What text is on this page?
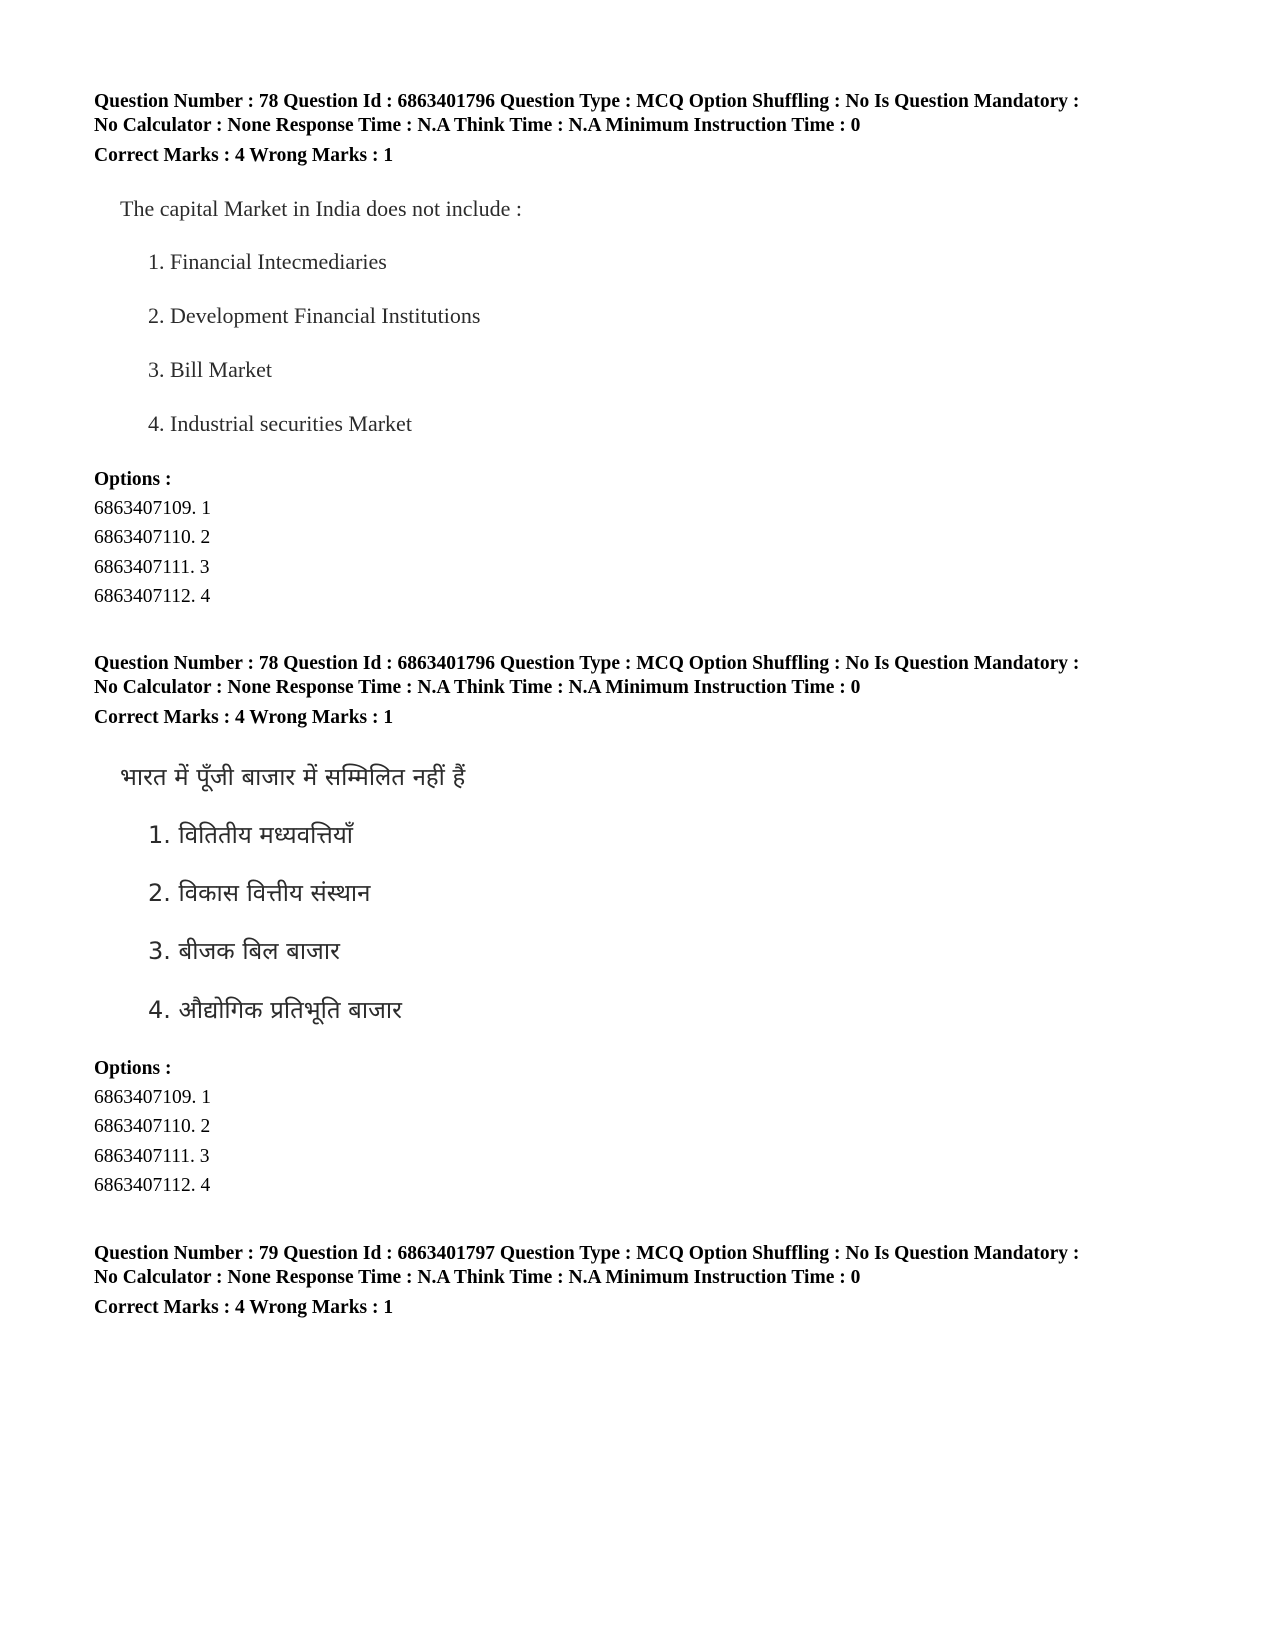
Question Number : 78 Question Id : 6863401796 Question Type : MCQ Option Shuffling : No Is Question Mandatory :

No Calculator : None Response Time : N.A Think Time : N.A Minimum Instruction Time : 0

Correct Marks : 4 Wrong Marks : 1

The capital Market in India does not include :

1. Financial Intecmediaries

2. Development Financial Institutions

3. Bill Market

4. Industrial securities Market

Options :

6863407109. 1

6863407110. 2

6863407111. 3

6863407112. 4

Question Number : 78 Question Id : 6863401796 Question Type : MCQ Option Shuffling : No Is Question Mandatory :

No Calculator : None Response Time : N.A Think Time : N.A Minimum Instruction Time : 0

Correct Marks : 4 Wrong Marks : 1

भारत में पूँजी बाजार में सम्मिलित नहीं हैं

1. वितितीय मध्यवत्तियाँ

2. विकास वित्तीय संस्थान

3. बीजक बिल बाजार

4. औद्योगिक प्रतिभूति बाजार

Options :

6863407109. 1

6863407110. 2

6863407111. 3

6863407112. 4

Question Number : 79 Question Id : 6863401797 Question Type : MCQ Option Shuffling : No Is Question Mandatory :

No Calculator : None Response Time : N.A Think Time : N.A Minimum Instruction Time : 0

Correct Marks : 4 Wrong Marks : 1
